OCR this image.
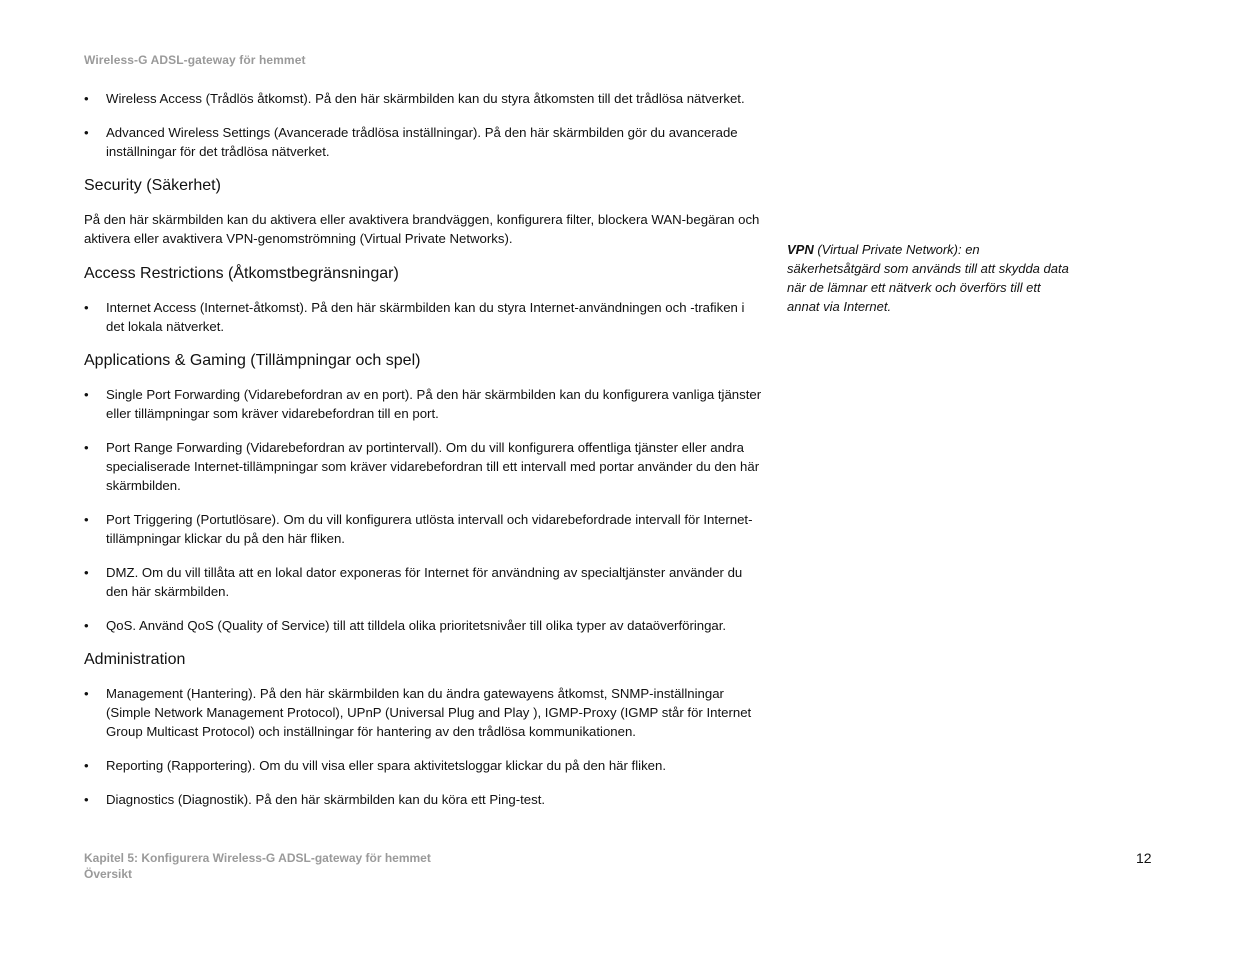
Wireless-G ADSL-gateway för hemmet
• Wireless Access (Trådlös åtkomst). På den här skärmbilden kan du styra åtkomsten till det trådlösa nätverket.
• Advanced Wireless Settings (Avancerade trådlösa inställningar). På den här skärmbilden gör du avancerade inställningar för det trådlösa nätverket.
Security (Säkerhet)
På den här skärmbilden kan du aktivera eller avaktivera brandväggen, konfigurera filter, blockera WAN-begäran och aktivera eller avaktivera VPN-genomströmning (Virtual Private Networks).
Access Restrictions (Åtkomstbegränsningar)
• Internet Access (Internet-åtkomst). På den här skärmbilden kan du styra Internet-användningen och -trafiken i det lokala nätverket.
Applications & Gaming (Tillämpningar och spel)
• Single Port Forwarding (Vidarebefordran av en port). På den här skärmbilden kan du konfigurera vanliga tjänster eller tillämpningar som kräver vidarebefordran till en port.
• Port Range Forwarding (Vidarebefordran av portintervall). Om du vill konfigurera offentliga tjänster eller andra specialiserade Internet-tillämpningar som kräver vidarebefordran till ett intervall med portar använder du den här skärmbilden.
• Port Triggering (Portutlösare). Om du vill konfigurera utlösta intervall och vidarebefordrade intervall för Internet-tillämpningar klickar du på den här fliken.
• DMZ. Om du vill tillåta att en lokal dator exponeras för Internet för användning av specialtjänster använder du den här skärmbilden.
• QoS. Använd QoS (Quality of Service) till att tilldela olika prioritetsnivåer till olika typer av dataöverföringar.
Administration
• Management (Hantering). På den här skärmbilden kan du ändra gatewayens åtkomst, SNMP-inställningar (Simple Network Management Protocol), UPnP (Universal Plug and Play ), IGMP-Proxy (IGMP står för Internet Group Multicast Protocol) och inställningar för hantering av den trådlösa kommunikationen.
• Reporting (Rapportering). Om du vill visa eller spara aktivitetsloggar klickar du på den här fliken.
• Diagnostics (Diagnostik). På den här skärmbilden kan du köra ett Ping-test.
VPN (Virtual Private Network): en säkerhetsåtgärd som används till att skydda data när de lämnar ett nätverk och överförs till ett annat via Internet.
Kapitel 5: Konfigurera Wireless-G ADSL-gateway för hemmet
Översikt
12
